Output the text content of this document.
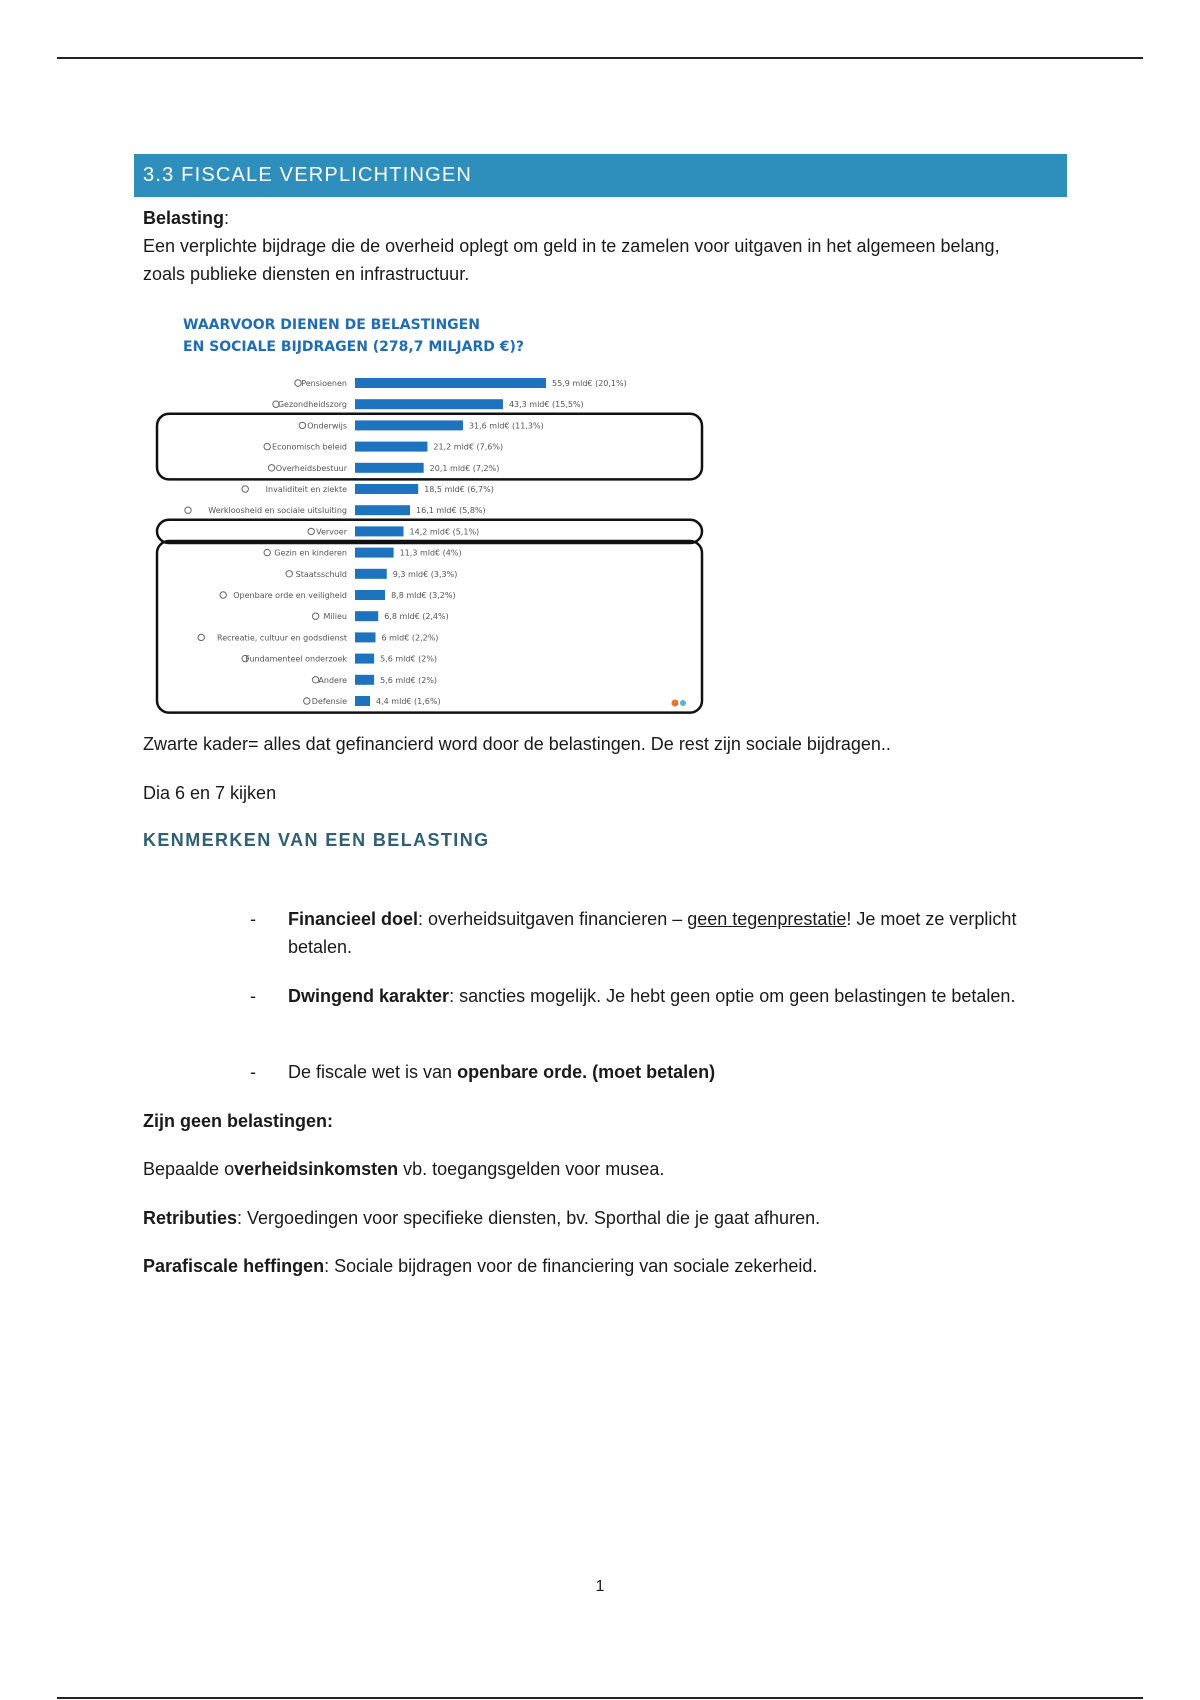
3.3 FISCALE VERPLICHTINGEN
Belasting:
Een verplichte bijdrage die de overheid oplegt om geld in te zamelen voor uitgaven in het algemeen belang, zoals publieke diensten en infrastructuur.
WAARVOOR DIENEN DE BELASTINGEN
EN SOCIALE BIJDRAGEN (278,7 MILJARD €)?
Pensioenen	55,9 mld€ (20,1%)
Gezondheidszorg	43,3 mld€ (15,5%)
Onderwijs	31,6 mld€ (11,3%)
Economisch beleid	21,2 mld€ (7,6%)
Overheidsbestuur	20,1 mld€ (7,2%)
Invaliditeit en ziekte	18,5 mld€ (6,7%)
Werkloosheid en sociale uitsluiting	16,1 mld€ (5,8%)
Vervoer	14,2 mld€ (5,1%)
Gezin en kinderen	11,3 mld€ (4%)
Staatsschuld	9,3 mld€ (3,3%)
Openbare orde en veiligheid	8,8 mld€ (3,2%)
Milieu	6,8 mld€ (2,4%)
Recreatie, cultuur en godsdienst	6 mld€ (2,2%)
Fundamenteel onderzoek	5,6 mld€ (2%)
Andere	5,6 mld€ (2%)
Defensie	4,4 mld€ (1,6%)
Zwarte kader= alles dat gefinancierd word door de belastingen. De rest zijn sociale bijdragen..
Dia 6 en 7 kijken
KENMERKEN VAN EEN BELASTING
- Financieel doel: overheidsuitgaven financieren – geen tegenprestatie! Je moet ze verplicht betalen.
- Dwingend karakter: sancties mogelijk. Je hebt geen optie om geen belastingen te betalen.
- De fiscale wet is van openbare orde. (moet betalen)
Zijn geen belastingen:
Bepaalde overheidsinkomsten vb. toegangsgelden voor musea.
Retributies: Vergoedingen voor specifieke diensten, bv. Sporthal die je gaat afhuren.
Parafiscale heffingen: Sociale bijdragen voor de financiering van sociale zekerheid.
1
